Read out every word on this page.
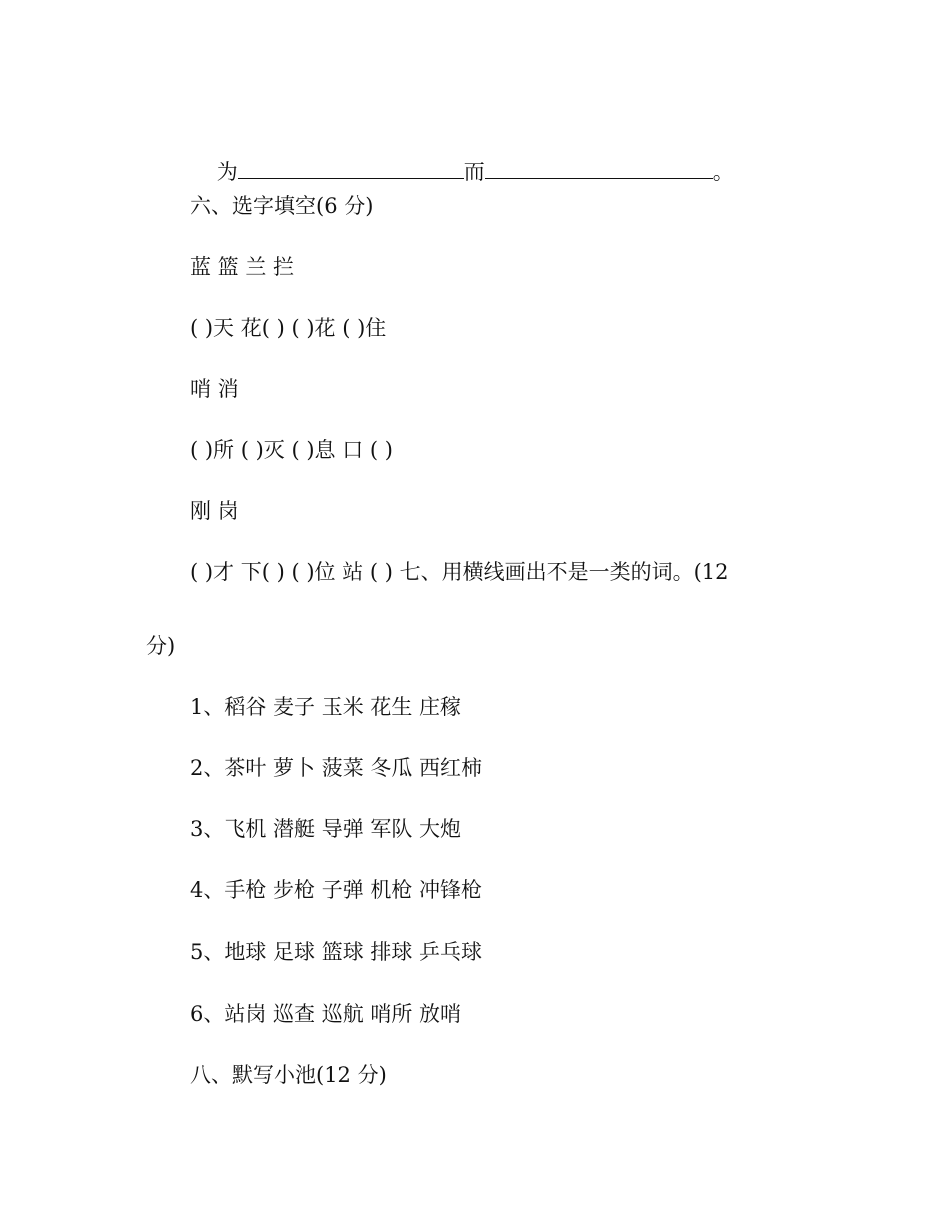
为	而	。

六、选字填空(6 分)
蓝 篮 兰 拦
( )天 花( ) ( )花 ( )住
哨 消
( )所 ( )灭 ( )息 口 ( )
刚 岗
( )才 下( ) ( )位 站 ( ) 七、用横线画出不是一类的词。(12
分)
1、稻谷 麦子 玉米 花生 庄稼
2、茶叶 萝卜 菠菜 冬瓜 西红柿
3、飞机 潜艇 导弹 军队 大炮
4、手枪 步枪 子弹 机枪 冲锋枪
5、地球 足球 篮球 排球 乒乓球
6、站岗 巡查 巡航 哨所 放哨
八、默写小池(12 分)
